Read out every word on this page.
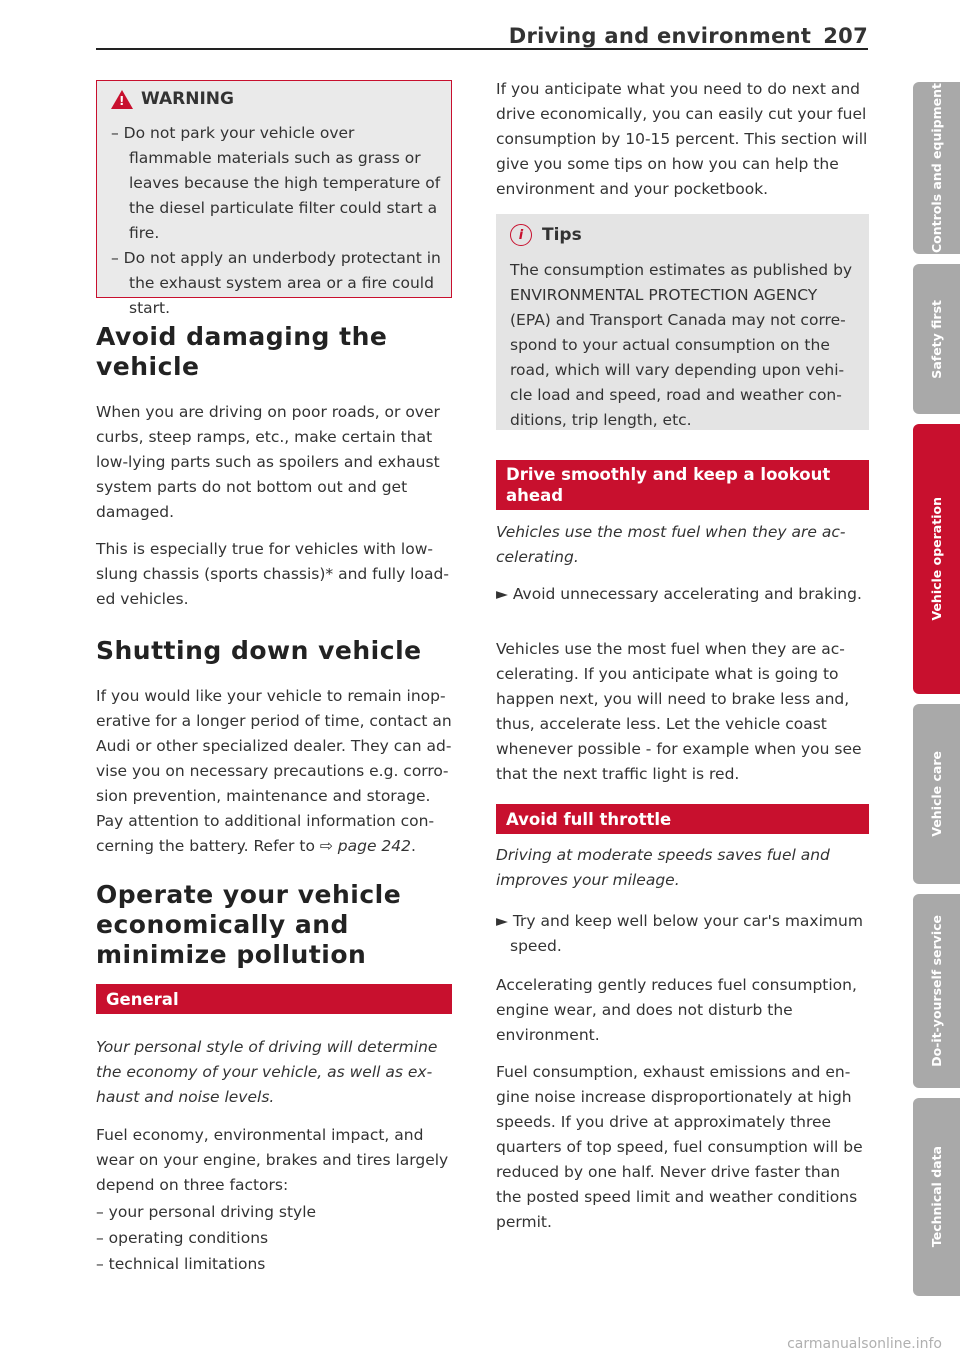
Driving and environment 207
! WARNING

– Do not park your vehicle over flammable materials such as grass or leaves because the high temperature of the diesel particulate filter could start a fire.

– Do not apply an underbody protectant in the exhaust system area or a fire could start.

Avoid damaging the vehicle

When you are driving on poor roads, or over curbs, steep ramps, etc., make certain that low-lying parts such as spoilers and exhaust system parts do not bottom out and get damaged.

This is especially true for vehicles with low-slung chassis (sports chassis)* and fully loaded vehicles.

Shutting down vehicle

If you would like your vehicle to remain inoperative for a longer period of time, contact an Audi or other specialized dealer. They can advise you on necessary precautions e.g. corrosion prevention, maintenance and storage. Pay attention to additional information concerning the battery. Refer to ⇨ page 242.

Operate your vehicle economically and minimize pollution
General

Your personal style of driving will determine the economy of your vehicle, as well as exhaust and noise levels.

Fuel economy, environmental impact, and wear on your engine, brakes and tires largely depend on three factors:

– your personal driving style

– operating conditions

– technical limitations

If you anticipate what you need to do next and drive economically, you can easily cut your fuel consumption by 10-15 percent. This section will give you some tips on how you can help the environment and your pocketbook.

i	Tips

The consumption estimates as published by ENVIRONMENTAL PROTECTION AGENCY (EPA) and Transport Canada may not correspond to your actual consumption on the road, which will vary depending upon vehicle load and speed, road and weather conditions, trip length, etc.

Drive smoothly and keep a lookout ahead

Vehicles use the most fuel when they are accelerating.

► Avoid unnecessary accelerating and braking.

Vehicles use the most fuel when they are accelerating. If you anticipate what is going to happen next, you will need to brake less and, thus, accelerate less. Let the vehicle coast whenever possible - for example when you see that the next traffic light is red.

Avoid full throttle

Driving at moderate speeds saves fuel and improves your mileage.

► Try and keep well below your car's maximum speed.

Accelerating gently reduces fuel consumption, engine wear, and does not disturb the environment.

Fuel consumption, exhaust emissions and engine noise increase disproportionately at high speeds. If you drive at approximately three quarters of top speed, fuel consumption will be reduced by one half. Never drive faster than the posted speed limit and weather conditions permit.

Controls and equipment
Safety first
Vehicle operation
Vehicle care
Do-it-yourself service
Technical data
carmanualsonline.info
